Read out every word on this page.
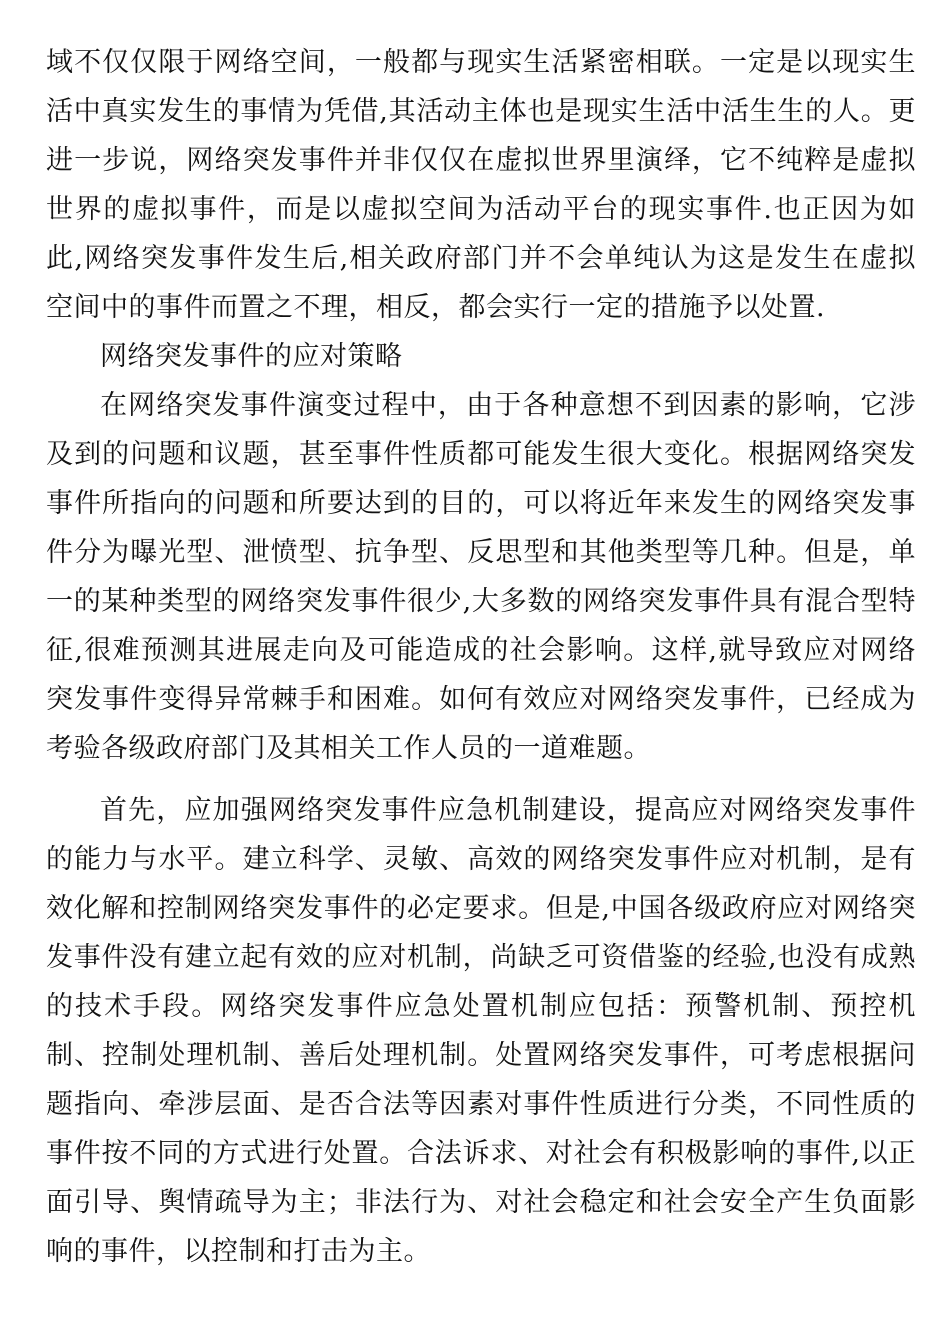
域不仅仅限于网络空间，一般都与现实生活紧密相联。一定是以现实生活中真实发生的事情为凭借,其活动主体也是现实生活中活生生的人。更进一步说，网络突发事件并非仅仅在虚拟世界里演绎，它不纯粹是虚拟世界的虚拟事件，而是以虚拟空间为活动平台的现实事件.也正因为如此,网络突发事件发生后,相关政府部门并不会单纯认为这是发生在虚拟空间中的事件而置之不理，相反，都会实行一定的措施予以处置.

网络突发事件的应对策略

在网络突发事件演变过程中，由于各种意想不到因素的影响，它涉及到的问题和议题，甚至事件性质都可能发生很大变化。根据网络突发事件所指向的问题和所要达到的目的，可以将近年来发生的网络突发事件分为曝光型、泄愤型、抗争型、反思型和其他类型等几种。但是，单一的某种类型的网络突发事件很少,大多数的网络突发事件具有混合型特征,很难预测其进展走向及可能造成的社会影响。这样,就导致应对网络突发事件变得异常棘手和困难。如何有效应对网络突发事件，已经成为考验各级政府部门及其相关工作人员的一道难题。

首先，应加强网络突发事件应急机制建设，提高应对网络突发事件的能力与水平。建立科学、灵敏、高效的网络突发事件应对机制，是有效化解和控制网络突发事件的必定要求。但是,中国各级政府应对网络突发事件没有建立起有效的应对机制，尚缺乏可资借鉴的经验,也没有成熟的技术手段。网络突发事件应急处置机制应包括：预警机制、预控机制、控制处理机制、善后处理机制。处置网络突发事件，可考虑根据问题指向、牵涉层面、是否合法等因素对事件性质进行分类，不同性质的事件按不同的方式进行处置。合法诉求、对社会有积极影响的事件,以正面引导、舆情疏导为主；非法行为、对社会稳定和社会安全产生负面影响的事件，以控制和打击为主。
